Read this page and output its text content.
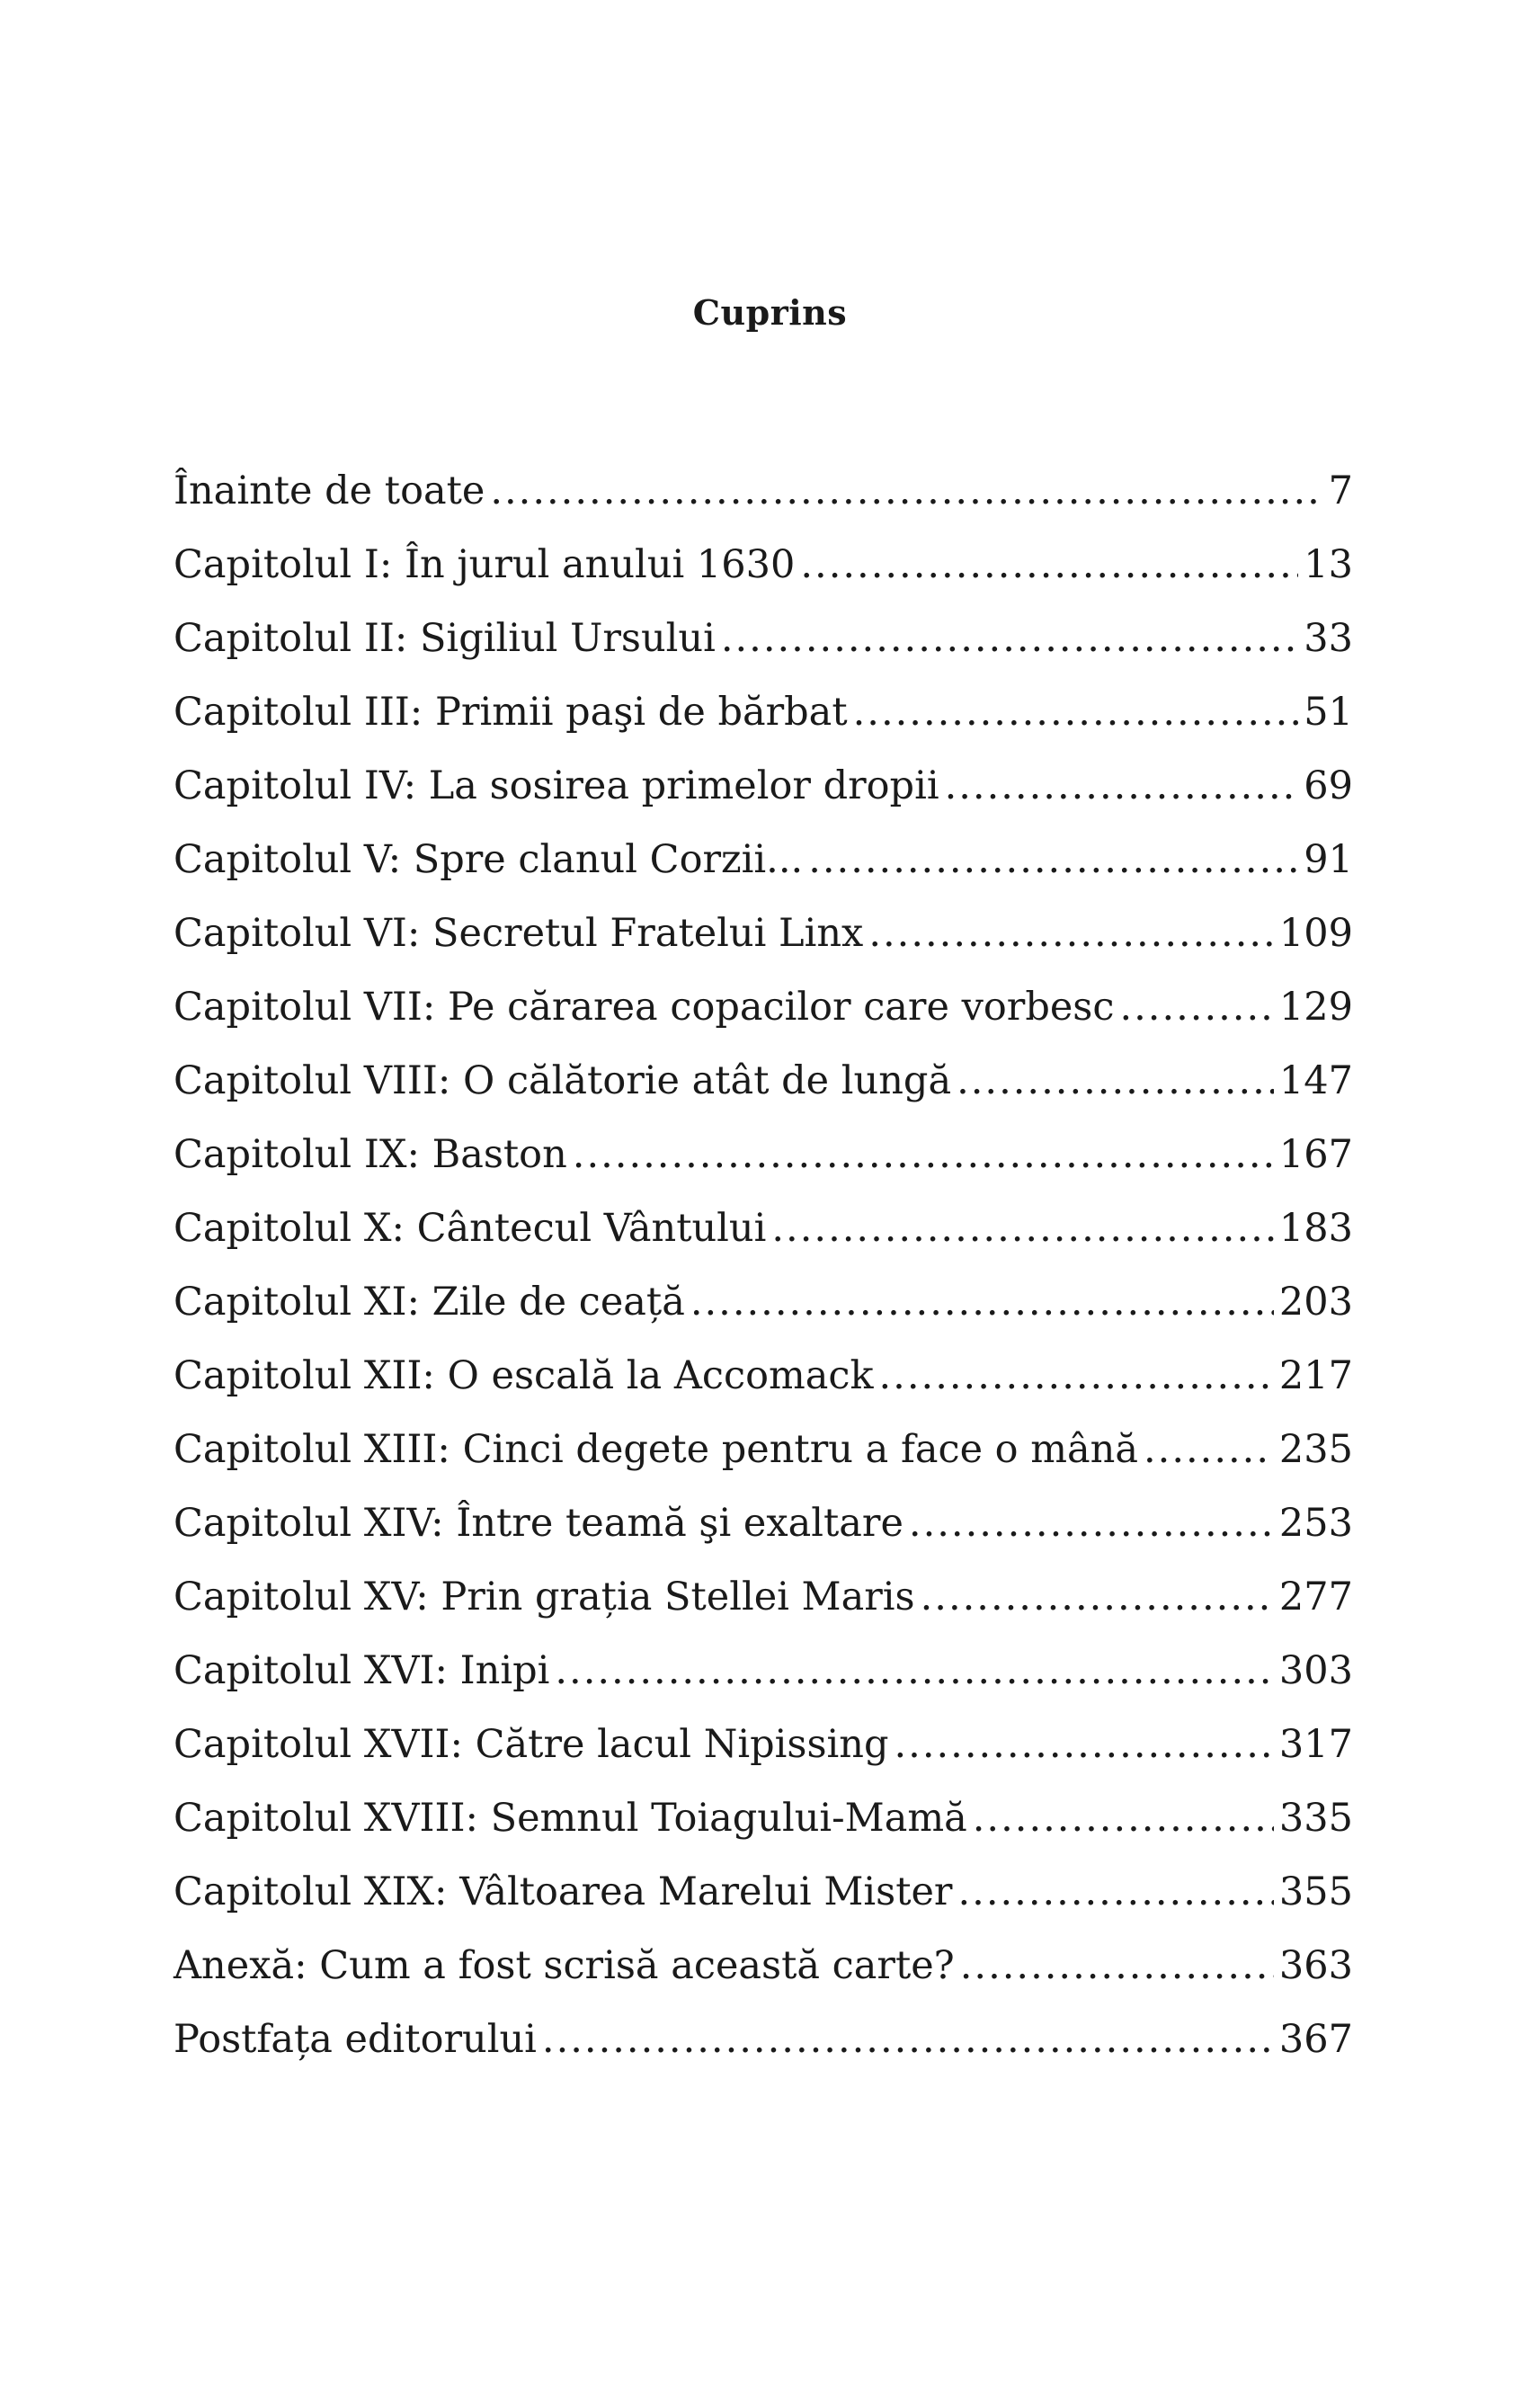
Cuprins
Înainte de toate .....	7
Capitolul I: În jurul anului 1630 .....	13
Capitolul II: Sigiliul Ursului .....	33
Capitolul III: Primii paşi de bărbat .....	51
Capitolul IV: La sosirea primelor dropii .....	69
Capitolul V: Spre clanul Corzii... .....	91
Capitolul VI: Secretul Fratelui Linx .....	109
Capitolul VII: Pe cărarea copacilor care vorbesc .....	129
Capitolul VIII: O călătorie atât de lungă .....	147
Capitolul IX: Baston .....	167
Capitolul X: Cântecul Vântului .....	183
Capitolul XI: Zile de ceață .....	203
Capitolul XII: O escală la Accomack .....	217
Capitolul XIII: Cinci degete pentru a face o mână .....	235
Capitolul XIV: Între teamă şi exaltare .....	253
Capitolul XV: Prin grația Stellei Maris .....	277
Capitolul XVI: Inipi .....	303
Capitolul XVII: Către lacul Nipissing .....	317
Capitolul XVIII: Semnul Toiagului-Mamă .....	335
Capitolul XIX: Vâltoarea Marelui Mister .....	355
Anexă: Cum a fost scrisă această carte? .....	363
Postfața editorului .....	367
